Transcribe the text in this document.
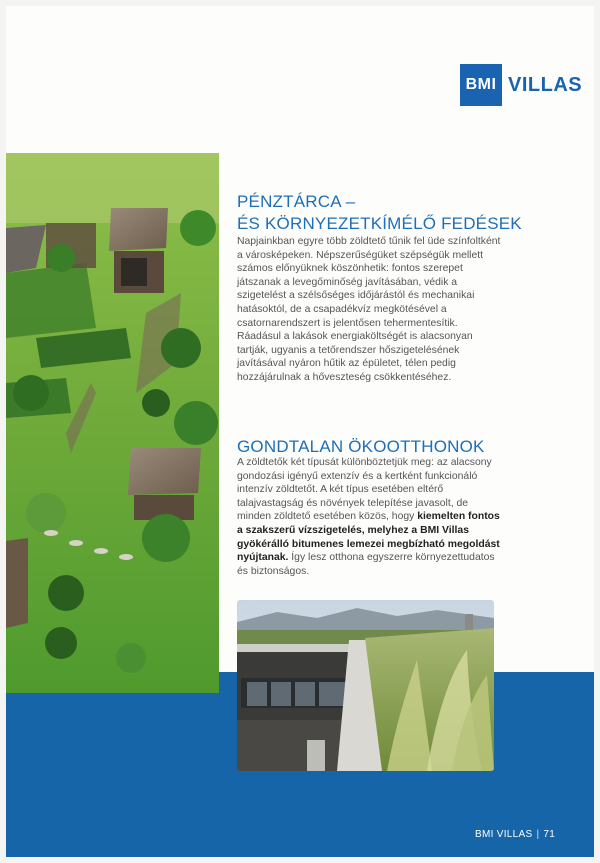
BMI VILLAS
PÉNZTÁRCA –
ÉS KÖRNYEZETKÍMÉLŐ FEDÉSEK

Napjainkban egyre több zöldtető tűnik fel üde színfoltként a városképeken. Népszerűségüket szépségük mellett számos előnyüknek köszönhetik: fontos szerepet játszanak a levegőminőség javításában, védik a szigetelést a szélsőséges időjárástól és mechanikai hatásoktól, de a csapadékvíz megkötésével a csatornarendszert is jelentősen tehermentesítik. Ráadásul a lakások energiaköltségét is alacsonyan tartják, ugyanis a tetőrendszer hőszigetelésének javításával nyáron hűtik az épületet, télen pedig hozzájárulnak a hőveszteség csökkentéséhez.

GONDTALAN ÖKOOTTHONOK

A zöldtetők két típusát különböztetjük meg: az alacsony gondozási igényű extenzív és a kertként funkcionáló intenzív zöldtetőt. A két típus esetében eltérő talajvastagság és növények telepítése javasolt, de minden zöldtető esetében közös, hogy kiemelten fontos a szakszerű vízszigetelés, melyhez a BMI Villas gyökérálló bitumenes lemezei megbízható megoldást nyújtanak. Így lesz otthona egyszerre környezettudatos és biztonságos.

BMI VILLAS | 71
